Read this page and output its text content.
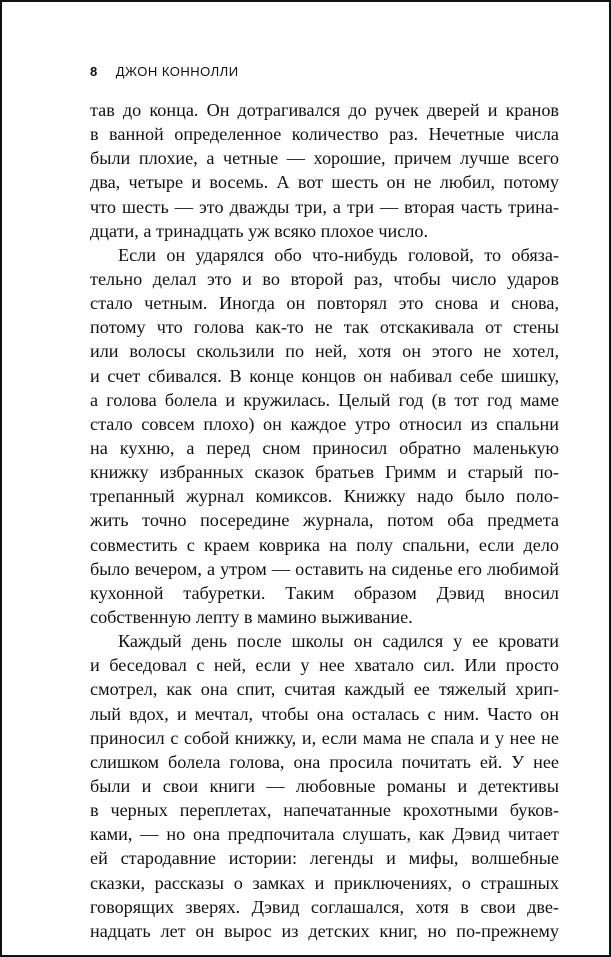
8 ДЖОН КОННОЛЛИ
тав до конца. Он дотрагивался до ручек дверей и кранов
в ванной определенное количество раз. Нечетные числа
были плохие, а четные — хорошие, причем лучше всего
два, четыре и восемь. А вот шесть он не любил, потому
что шесть — это дважды три, а три — вторая часть трина-
дцати, а тринадцать уж всяко плохое число.
Если он ударялся обо что-нибудь головой, то обяза-
тельно делал это и во второй раз, чтобы число ударов
стало четным. Иногда он повторял это снова и снова,
потому что голова как-то не так отскакивала от стены
или волосы скользили по ней, хотя он этого не хотел,
и счет сбивался. В конце концов он набивал себе шишку,
а голова болела и кружилась. Целый год (в тот год маме
стало совсем плохо) он каждое утро относил из спальни
на кухню, а перед сном приносил обратно маленькую
книжку избранных сказок братьев Гримм и старый по-
трепанный журнал комиксов. Книжку надо было поло-
жить точно посередине журнала, потом оба предмета
совместить с краем коврика на полу спальни, если дело
было вечером, а утром — оставить на сиденье его любимой
кухонной табуретки. Таким образом Дэвид вносил
собственную лепту в мамино выживание.
Каждый день после школы он садился у ее кровати
и беседовал с ней, если у нее хватало сил. Или просто
смотрел, как она спит, считая каждый ее тяжелый хрип-
лый вдох, и мечтал, чтобы она осталась с ним. Часто он
приносил с собой книжку, и, если мама не спала и у нее не
слишком болела голова, она просила почитать ей. У нее
были и свои книги — любовные романы и детективы
в черных переплетах, напечатанные крохотными буков-
ками, — но она предпочитала слушать, как Дэвид читает
ей стародавние истории: легенды и мифы, волшебные
сказки, рассказы о замках и приключениях, о страшных
говорящих зверях. Дэвид соглашался, хотя в свои две-
надцать лет он вырос из детских книг, но по-прежнему
